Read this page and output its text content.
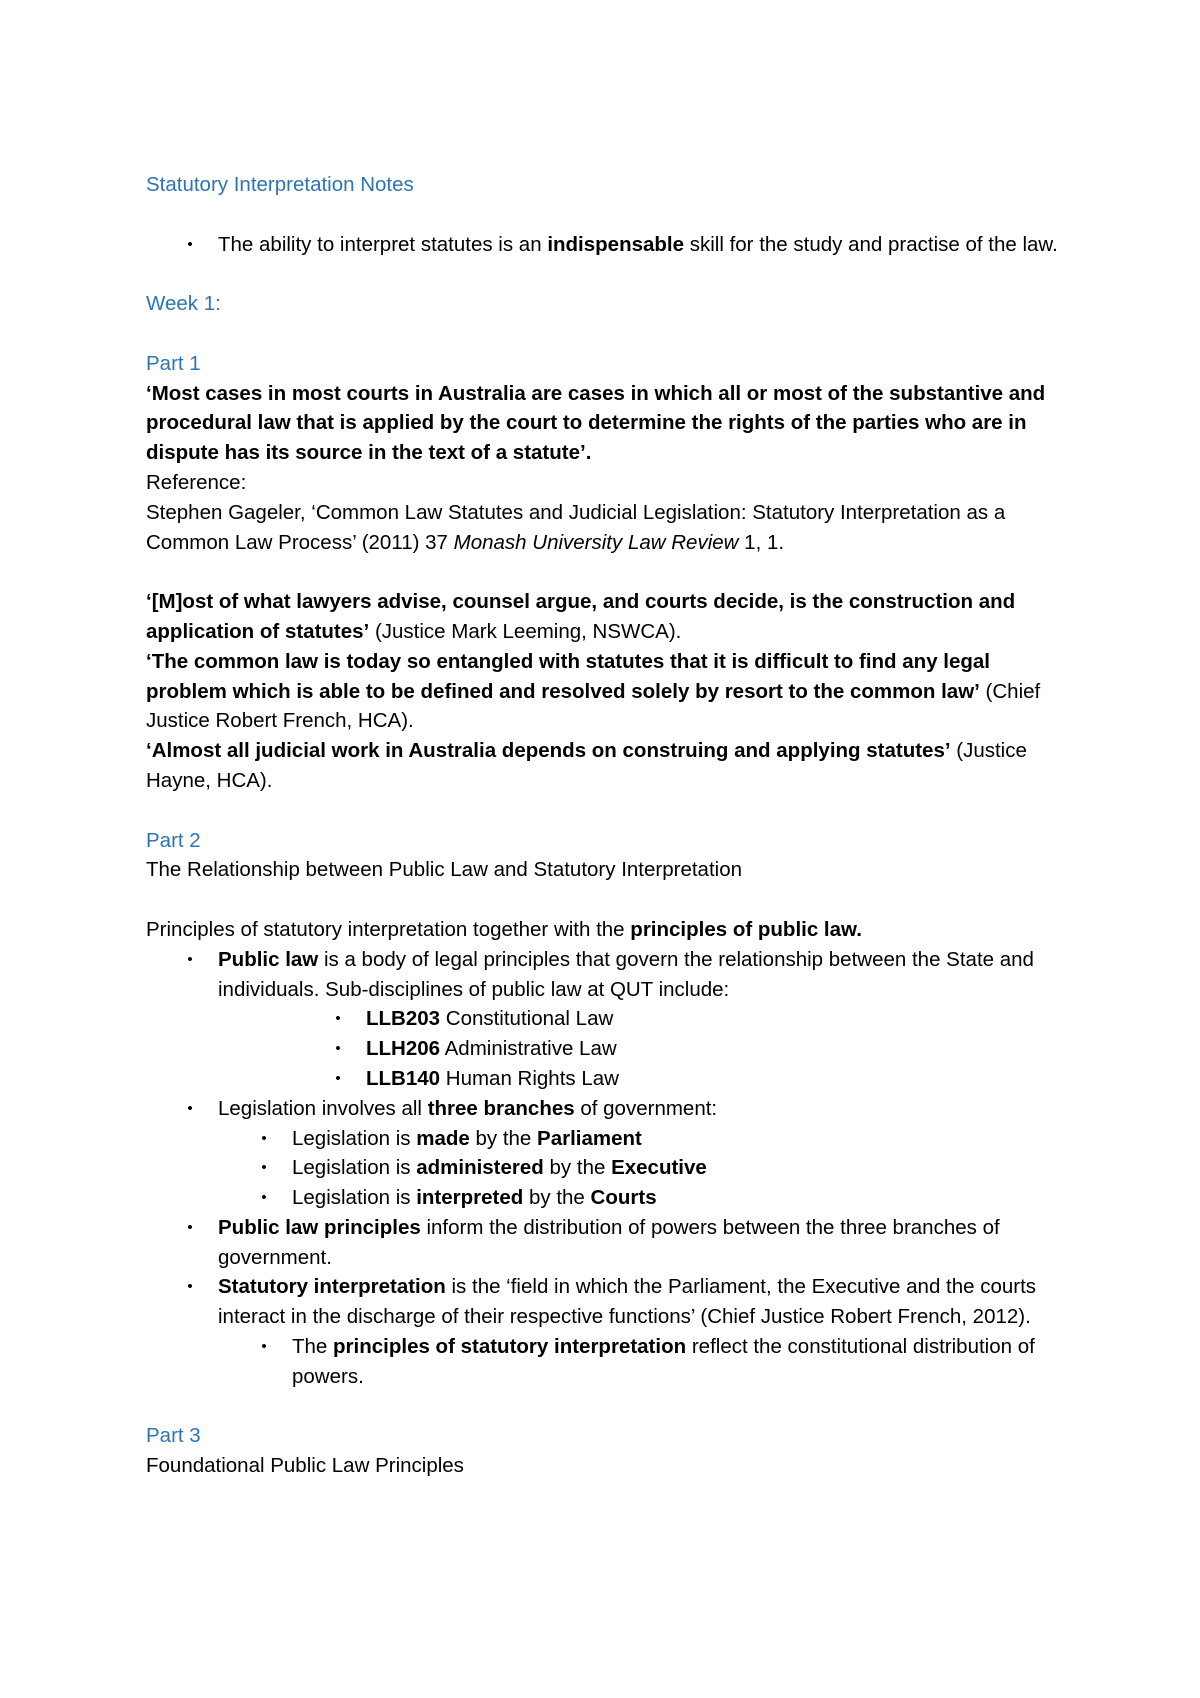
Statutory Interpretation Notes

•	The ability to interpret statutes is an indispensable skill for the study and practise of the law.

Week 1:

Part 1

‘Most cases in most courts in Australia are cases in which all or most of the substantive and procedural law that is applied by the court to determine the rights of the parties who are in dispute has its source in the text of a statute’.

Reference:

Stephen Gageler, ‘Common Law Statutes and Judicial Legislation: Statutory Interpretation as a Common Law Process’ (2011) 37 Monash University Law Review 1, 1.

‘[M]ost of what lawyers advise, counsel argue, and courts decide, is the construction and application of statutes’ (Justice Mark Leeming, NSWCA).

‘The common law is today so entangled with statutes that it is difficult to find any legal problem which is able to be defined and resolved solely by resort to the common law’ (Chief Justice Robert French, HCA).

‘Almost all judicial work in Australia depends on construing and applying statutes’ (Justice Hayne, HCA).

Part 2

The Relationship between Public Law and Statutory Interpretation

Principles of statutory interpretation together with the principles of public law.

•	Public law is a body of legal principles that govern the relationship between the State and individuals. Sub-disciplines of public law at QUT include:
•	LLB203 Constitutional Law
•	LLH206 Administrative Law
•	LLB140 Human Rights Law
•	Legislation involves all three branches of government:
•	Legislation is made by the Parliament
•	Legislation is administered by the Executive
•	Legislation is interpreted by the Courts
•	Public law principles inform the distribution of powers between the three branches of government.
•	Statutory interpretation is the ‘field in which the Parliament, the Executive and the courts interact in the discharge of their respective functions’ (Chief Justice Robert French, 2012).
•	The principles of statutory interpretation reflect the constitutional distribution of powers.

Part 3

Foundational Public Law Principles
